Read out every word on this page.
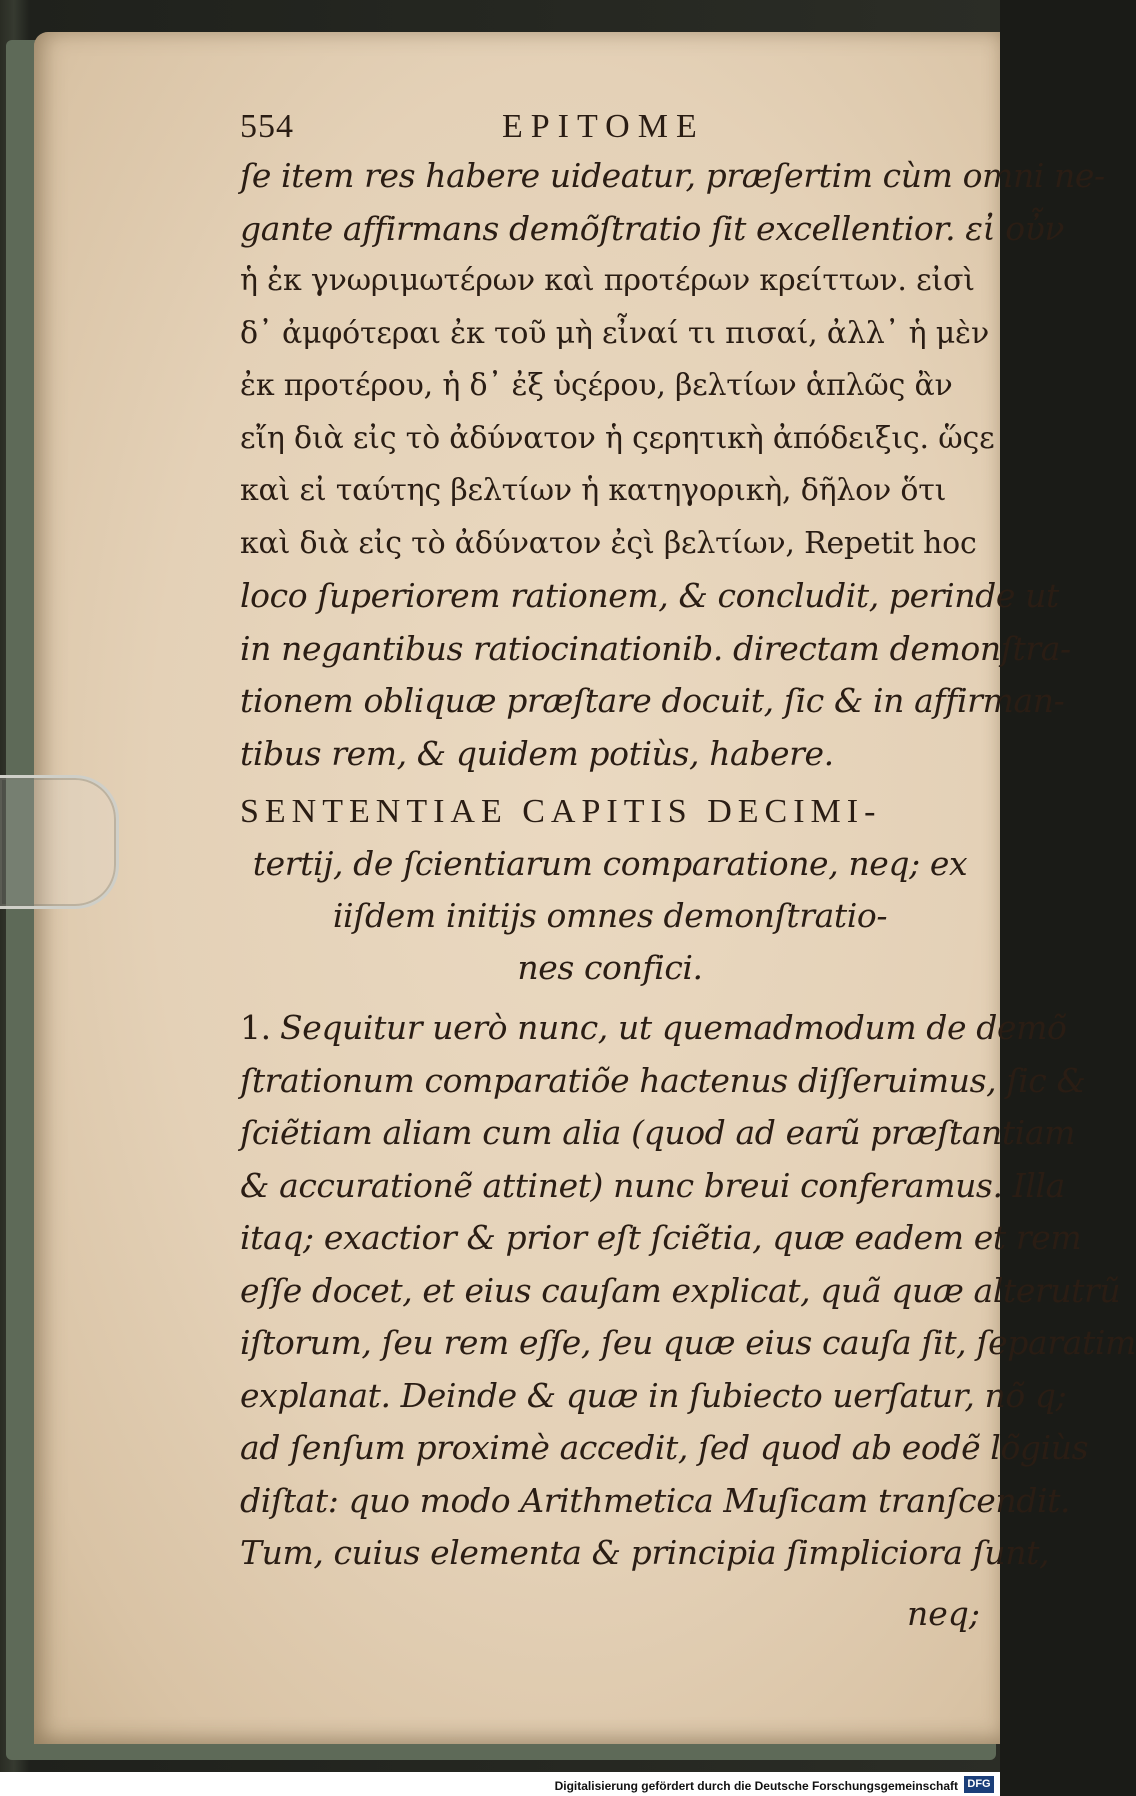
554	EPITOME
ſe item res habere uideatur, præſertim cùm omni ne-
gante affirmans demõſtratio ſit excellentior. εἰ οὖν
ἡ ἐκ γνωριμωτέρων καὶ προτέρων κρείττων. εἰσὶ
δ᾽ ἀμφότεραι ἐκ τοῦ μὴ εἶναί τι πισαί, ἀλλ᾽ ἡ μὲν
ἐκ προτέρου, ἡ δ᾽ ἐξ ὑςέρου, βελτίων ἁπλῶς ἂν
εἴη διὰ εἰς τὸ ἀδύνατον ἡ ςερητικὴ ἀπόδειξις. ὥςε
καὶ εἰ ταύτης βελτίων ἡ κατηγορικὴ, δῆλον ὅτι
καὶ διὰ εἰς τὸ ἀδύνατον ἐςὶ βελτίων, Repetit hoc
loco ſuperiorem rationem, & concludit, perinde ut
in negantibus ratiocinationib. directam demonſtra-
tionem obliquæ præſtare docuit, ſic & in affirman-
tibus rem, & quidem potiùs, habere.
SENTENTIAE CAPITIS DECIMI-
tertij, de ſcientiarum comparatione, neq; ex
iiſdem initijs omnes demonſtratio-
nes confici.
1. Sequitur uerò nunc, ut quemadmodum de demõ
ſtrationum comparatiõe hactenus diſſeruimus, ſic &
ſciẽtiam aliam cum alia (quod ad earũ præſtantiam
& accurationẽ attinet) nunc breui conferamus. Illa
itaq; exactior & prior eſt ſciẽtia, quæ eadem et rem
eſſe docet, et eius cauſam explicat, quã quæ alterutrũ
iſtorum, ſeu rem eſſe, ſeu quæ eius cauſa ſit, ſeparatim
explanat. Deinde & quæ in ſubiecto uerſatur, nõ q;
ad ſenſum proximè accedit, ſed quod ab eodẽ lõgiùs
diſtat: quo modo Arithmetica Muſicam tranſcendit.
Tum, cuius elementa & principia ſimpliciora ſunt,
neq;
Digitalisierung gefördert durch die Deutsche Forschungsgemeinschaft DFG
